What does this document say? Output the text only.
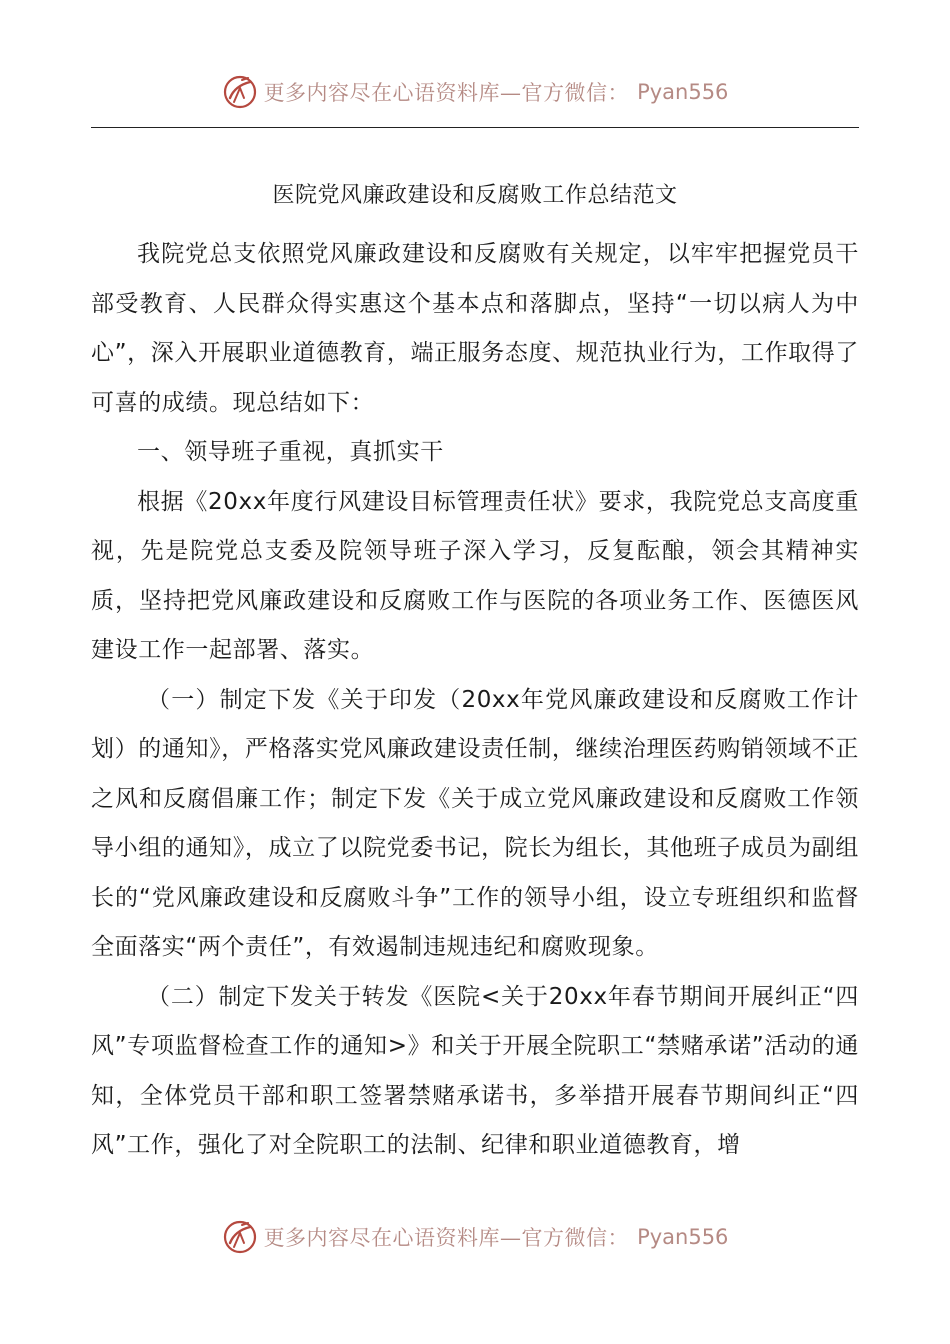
更多内容尽在心语资料库—官方微信： Pyan556
医院党风廉政建设和反腐败工作总结范文

我院党总支依照党风廉政建设和反腐败有关规定，以牢牢把握党员干部受教育、人民群众得实惠这个基本点和落脚点，坚持“一切以病人为中心”，深入开展职业道德教育，端正服务态度、规范执业行为，工作取得了可喜的成绩。现总结如下：

一、领导班子重视，真抓实干

根据《20xx年度行风建设目标管理责任状》要求，我院党总支高度重视，先是院党总支委及院领导班子深入学习，反复酝酿，领会其精神实质，坚持把党风廉政建设和反腐败工作与医院的各项业务工作、医德医风建设工作一起部署、落实。

（一）制定下发《关于印发（20xx年党风廉政建设和反腐败工作计划）的通知》，严格落实党风廉政建设责任制，继续治理医药购销领域不正之风和反腐倡廉工作；制定下发《关于成立党风廉政建设和反腐败工作领导小组的通知》，成立了以院党委书记，院长为组长，其他班子成员为副组长的“党风廉政建设和反腐败斗争”工作的领导小组，设立专班组织和监督全面落实“两个责任”，有效遏制违规违纪和腐败现象。

（二）制定下发关于转发《医院<关于20xx年春节期间开展纠正“四风”专项监督检查工作的通知>》和关于开展全院职工“禁赌承诺”活动的通知，全体党员干部和职工签署禁赌承诺书，多举措开展春节期间纠正“四风”工作，强化了对全院职工的法制、纪律和职业道德教育，增

更多内容尽在心语资料库—官方微信： Pyan556
